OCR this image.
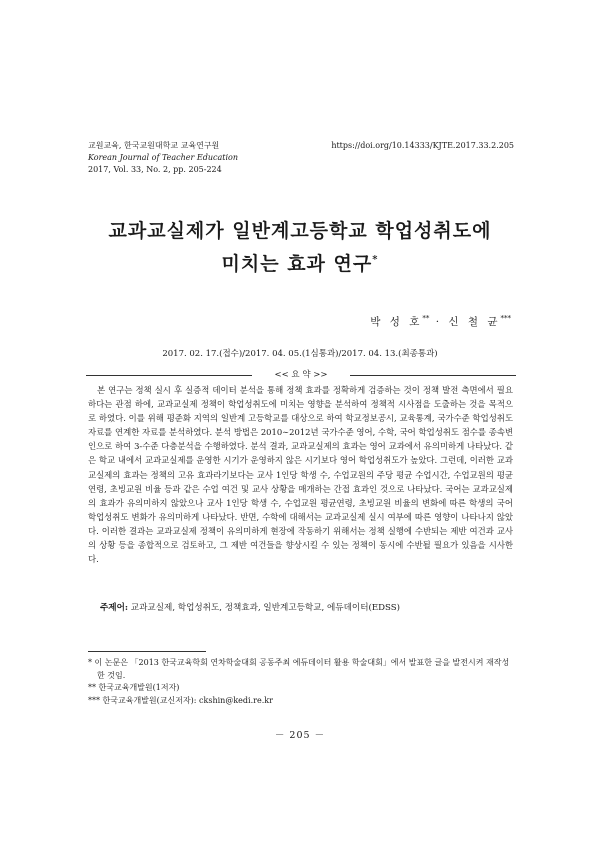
교원교육, 한국교원대학교 교육연구원
Korean Journal of Teacher Education
2017, Vol. 33, No. 2, pp. 205-224
https://doi.org/10.14333/KJTE.2017.33.2.205
교과교실제가 일반계고등학교 학업성취도에
미치는 효과 연구*
박 성 호** · 신 철 균***
2017. 02. 17.(접수)/2017. 04. 05.(1심통과)/2017. 04. 13.(최종통과)
<< 요 약 >>
본 연구는 정책 실시 후 실증적 데이터 분석을 통해 정책 효과를 정확하게 검증하는 것이 정책 발전 측면에서 필요하다는 관점 하에, 교과교실제 정책이 학업성취도에 미치는 영향을 분석하여 정책적 시사점을 도출하는 것을 목적으로 하였다. 이를 위해 평준화 지역의 일반계 고등학교를 대상으로 하여 학교정보공시, 교육통계, 국가수준 학업성취도 자료를 연계한 자료를 분석하였다. 분석 방법은 2010∼2012년 국가수준 영어, 수학, 국어 학업성취도 점수를 종속변인으로 하여 3-수준 다층분석을 수행하였다. 분석 결과, 교과교실제의 효과는 영어 교과에서 유의미하게 나타났다. 같은 학교 내에서 교과교실제를 운영한 시기가 운영하지 않은 시기보다 영어 학업성취도가 높았다. 그런데, 이러한 교과교실제의 효과는 정책의 고유 효과라기보다는 교사 1인당 학생 수, 수업교원의 주당 평균 수업시간, 수업교원의 평균연령, 초빙교원 비율 등과 같은 수업 여건 및 교사 상황을 매개하는 간접 효과인 것으로 나타났다. 국어는 교과교실제의 효과가 유의미하지 않았으나 교사 1인당 학생 수, 수업교원 평균연령, 초빙교원 비율의 변화에 따른 학생의 국어 학업성취도 변화가 유의미하게 나타났다. 반면, 수학에 대해서는 교과교실제 실시 여부에 따른 영향이 나타나지 않았다. 이러한 결과는 교과교실제 정책이 유의미하게 현장에 작동하기 위해서는 정책 실행에 수반되는 제반 여건과 교사의 상황 등을 종합적으로 검토하고, 그 제반 여건들을 향상시킬 수 있는 정책이 동시에 수반될 필요가 있음을 시사한다.
주제어: 교과교실제, 학업성취도, 정책효과, 일반계고등학교, 에듀데이터(EDSS)
* 이 논문은 「2013 한국교육학회 연차학술대회 공동주최 에듀데이터 활용 학술대회」에서 발표한 글을 발전시켜 재작성한 것임.
** 한국교육개발원(1저자)
*** 한국교육개발원(교신저자): ckshin@kedi.re.kr
－ 205 －
